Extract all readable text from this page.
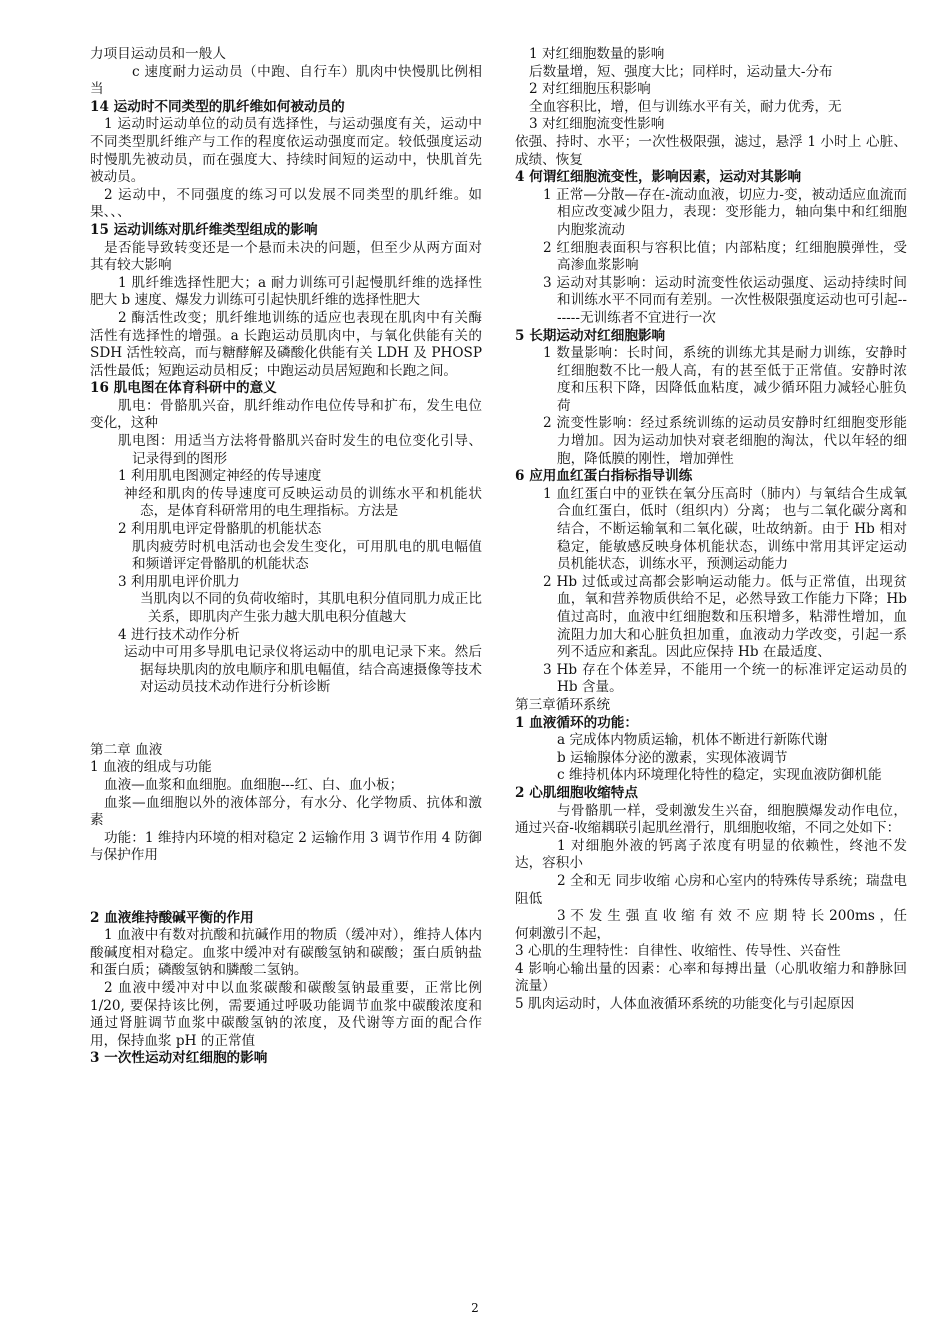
力项目运动员和一般人

c 速度耐力运动员（中跑、自行车）肌肉中快慢肌比例相当

14 运动时不同类型的肌纤维如何被动员的

1 运动时运动单位的动员有选择性，与运动强度有关，运动中不同类型肌纤维产与工作的程度依运动强度而定。较低强度运动时慢肌先被动员，而在强度大、持续时间短的运动中，快肌首先被动员。

2 运动中，不同强度的练习可以发展不同类型的肌纤维。如果、、、

15 运动训练对肌纤维类型组成的影响

是否能导致转变还是一个悬而未决的问题，但至少从两方面对其有较大影响

1 肌纤维选择性肥大；a 耐力训练可引起慢肌纤维的选择性肥大 b 速度、爆发力训练可引起快肌纤维的选择性肥大

2 酶活性改变；肌纤维地训练的适应也表现在肌肉中有关酶活性有选择性的增强。a 长跑运动员肌肉中，与氧化供能有关的 SDH 活性较高，而与糖酵解及磷酸化供能有关 LDH 及 PHOSP 活性最低；短跑运动员相反；中跑运动员居短跑和长跑之间。

16 肌电图在体育科研中的意义

肌电：骨骼肌兴奋，肌纤维动作电位传导和扩布，发生电位变化，这种

肌电图：用适当方法将骨骼肌兴奋时发生的电位变化引导、记录得到的图形

1 利用肌电图测定神经的传导速度

神经和肌肉的传导速度可反映运动员的训练水平和机能状态，是体育科研常用的电生理指标。方法是

2 利用肌电评定骨骼肌的机能状态

肌肉疲劳时机电活动也会发生变化，可用肌电的肌电幅值和频谱评定骨骼肌的机能状态

3 利用肌电评价肌力

当肌肉以不同的负荷收缩时，其肌电积分值同肌力成正比关系，即肌肉产生张力越大肌电积分值越大

4 进行技术动作分析

运动中可用多导肌电记录仪将运动中的肌电记录下来。然后据每块肌肉的放电顺序和肌电幅值，结合高速摄像等技术对运动员技术动作进行分析诊断

第二章 血液

1 血液的组成与功能

血液—血浆和血细胞。血细胞---红、白、血小板；

血浆—血细胞以外的液体部分，有水分、化学物质、抗体和激素

功能：1 维持内环境的相对稳定 2 运输作用 3 调节作用 4 防御与保护作用

2 血液维持酸碱平衡的作用

1 血液中有数对抗酸和抗碱作用的物质（缓冲对），维持人体内酸碱度相对稳定。血浆中缓冲对有碳酸氢钠和碳酸；蛋白质钠盐和蛋白质；磷酸氢钠和膦酸二氢钠。

2 血液中缓冲对中以血浆碳酸和碳酸氢钠最重要，正常比例 1/20, 要保持该比例，需要通过呼吸功能调节血浆中碳酸浓度和通过肾脏调节血浆中碳酸氢钠的浓度，及代谢等方面的配合作用，保持血浆 pH 的正常值

3 一次性运动对红细胞的影响

1 对红细胞数量的影响

后数量增，短、强度大比；同样时，运动量大-分布

2 对红细胞压积影响

全血容积比，增，但与训练水平有关，耐力优秀，无

3 对红细胞流变性影响

依强、持时、水平；一次性极限强，滤过，悬浮 1 小时上 心脏、成绩、恢复

4 何谓红细胞流变性，影响因素，运动对其影响

1 正常—分散—存在-流动血液，切应力-变，被动适应血流而相应改变减少阻力，表现：变形能力，轴向集中和红细胞内胞浆流动

2 红细胞表面积与容积比值；内部粘度；红细胞膜弹性，受高渗血浆影响

3 运动对其影响：运动时流变性依运动强度、运动持续时间和训练水平不同而有差别。一次性极限强度运动也可引起-------无训练者不宜进行一次

5 长期运动对红细胞影响

1 数量影响：长时间，系统的训练尤其是耐力训练，安静时红细胞数不比一般人高，有的甚至低于正常值。安静时浓度和压积下降，因降低血粘度，减少循环阻力减轻心脏负荷

2 流变性影响：经过系统训练的运动员安静时红细胞变形能力增加。因为运动加快对衰老细胞的淘汰，代以年轻的细胞，降低膜的刚性，增加弹性

6 应用血红蛋白指标指导训练

1 血红蛋白中的亚铁在氧分压高时（肺内）与氧结合生成氧合血红蛋白，低时（组织内）分离； 也与二氧化碳分离和结合，不断运输氧和二氧化碳，吐故纳新。由于 Hb 相对稳定，能敏感反映身体机能状态，训练中常用其评定运动员机能状态，训练水平，预测运动能力

2 Hb 过低或过高都会影响运动能力。低与正常值，出现贫血，氧和营养物质供给不足，必然导致工作能力下降；Hb 值过高时，血液中红细胞数和压积增多，粘滞性增加，血流阻力加大和心脏负担加重，血液动力学改变，引起一系列不适应和紊乱。因此应保持 Hb 在最适度、

3 Hb 存在个体差异，不能用一个统一的标准评定运动员的 Hb 含量。

第三章循环系统

1 血液循环的功能：

a 完成体内物质运输，机体不断进行新陈代谢

b 运输腺体分泌的激素，实现体液调节

c 维持机体内环境理化特性的稳定，实现血液防御机能

2 心肌细胞收缩特点

与骨骼肌一样，受刺激发生兴奋，细胞膜爆发动作电位，通过兴奋-收缩耦联引起肌丝滑行，肌细胞收缩，不同之处如下：

1 对细胞外液的钙离子浓度有明显的依赖性，终池不发达，容积小

2 全和无 同步收缩 心房和心室内的特殊传导系统；瑞盘电阻低

3 不 发 生 强 直 收 缩 有 效 不 应 期 特 长 200ms ，任何刺激引不起，

3 心肌的生理特性：自律性、收缩性、传导性、兴奋性

4 影响心输出量的因素：心率和每搏出量（心肌收缩力和静脉回流量）

5 肌肉运动时，人体血液循环系统的功能变化与引起原因

2
